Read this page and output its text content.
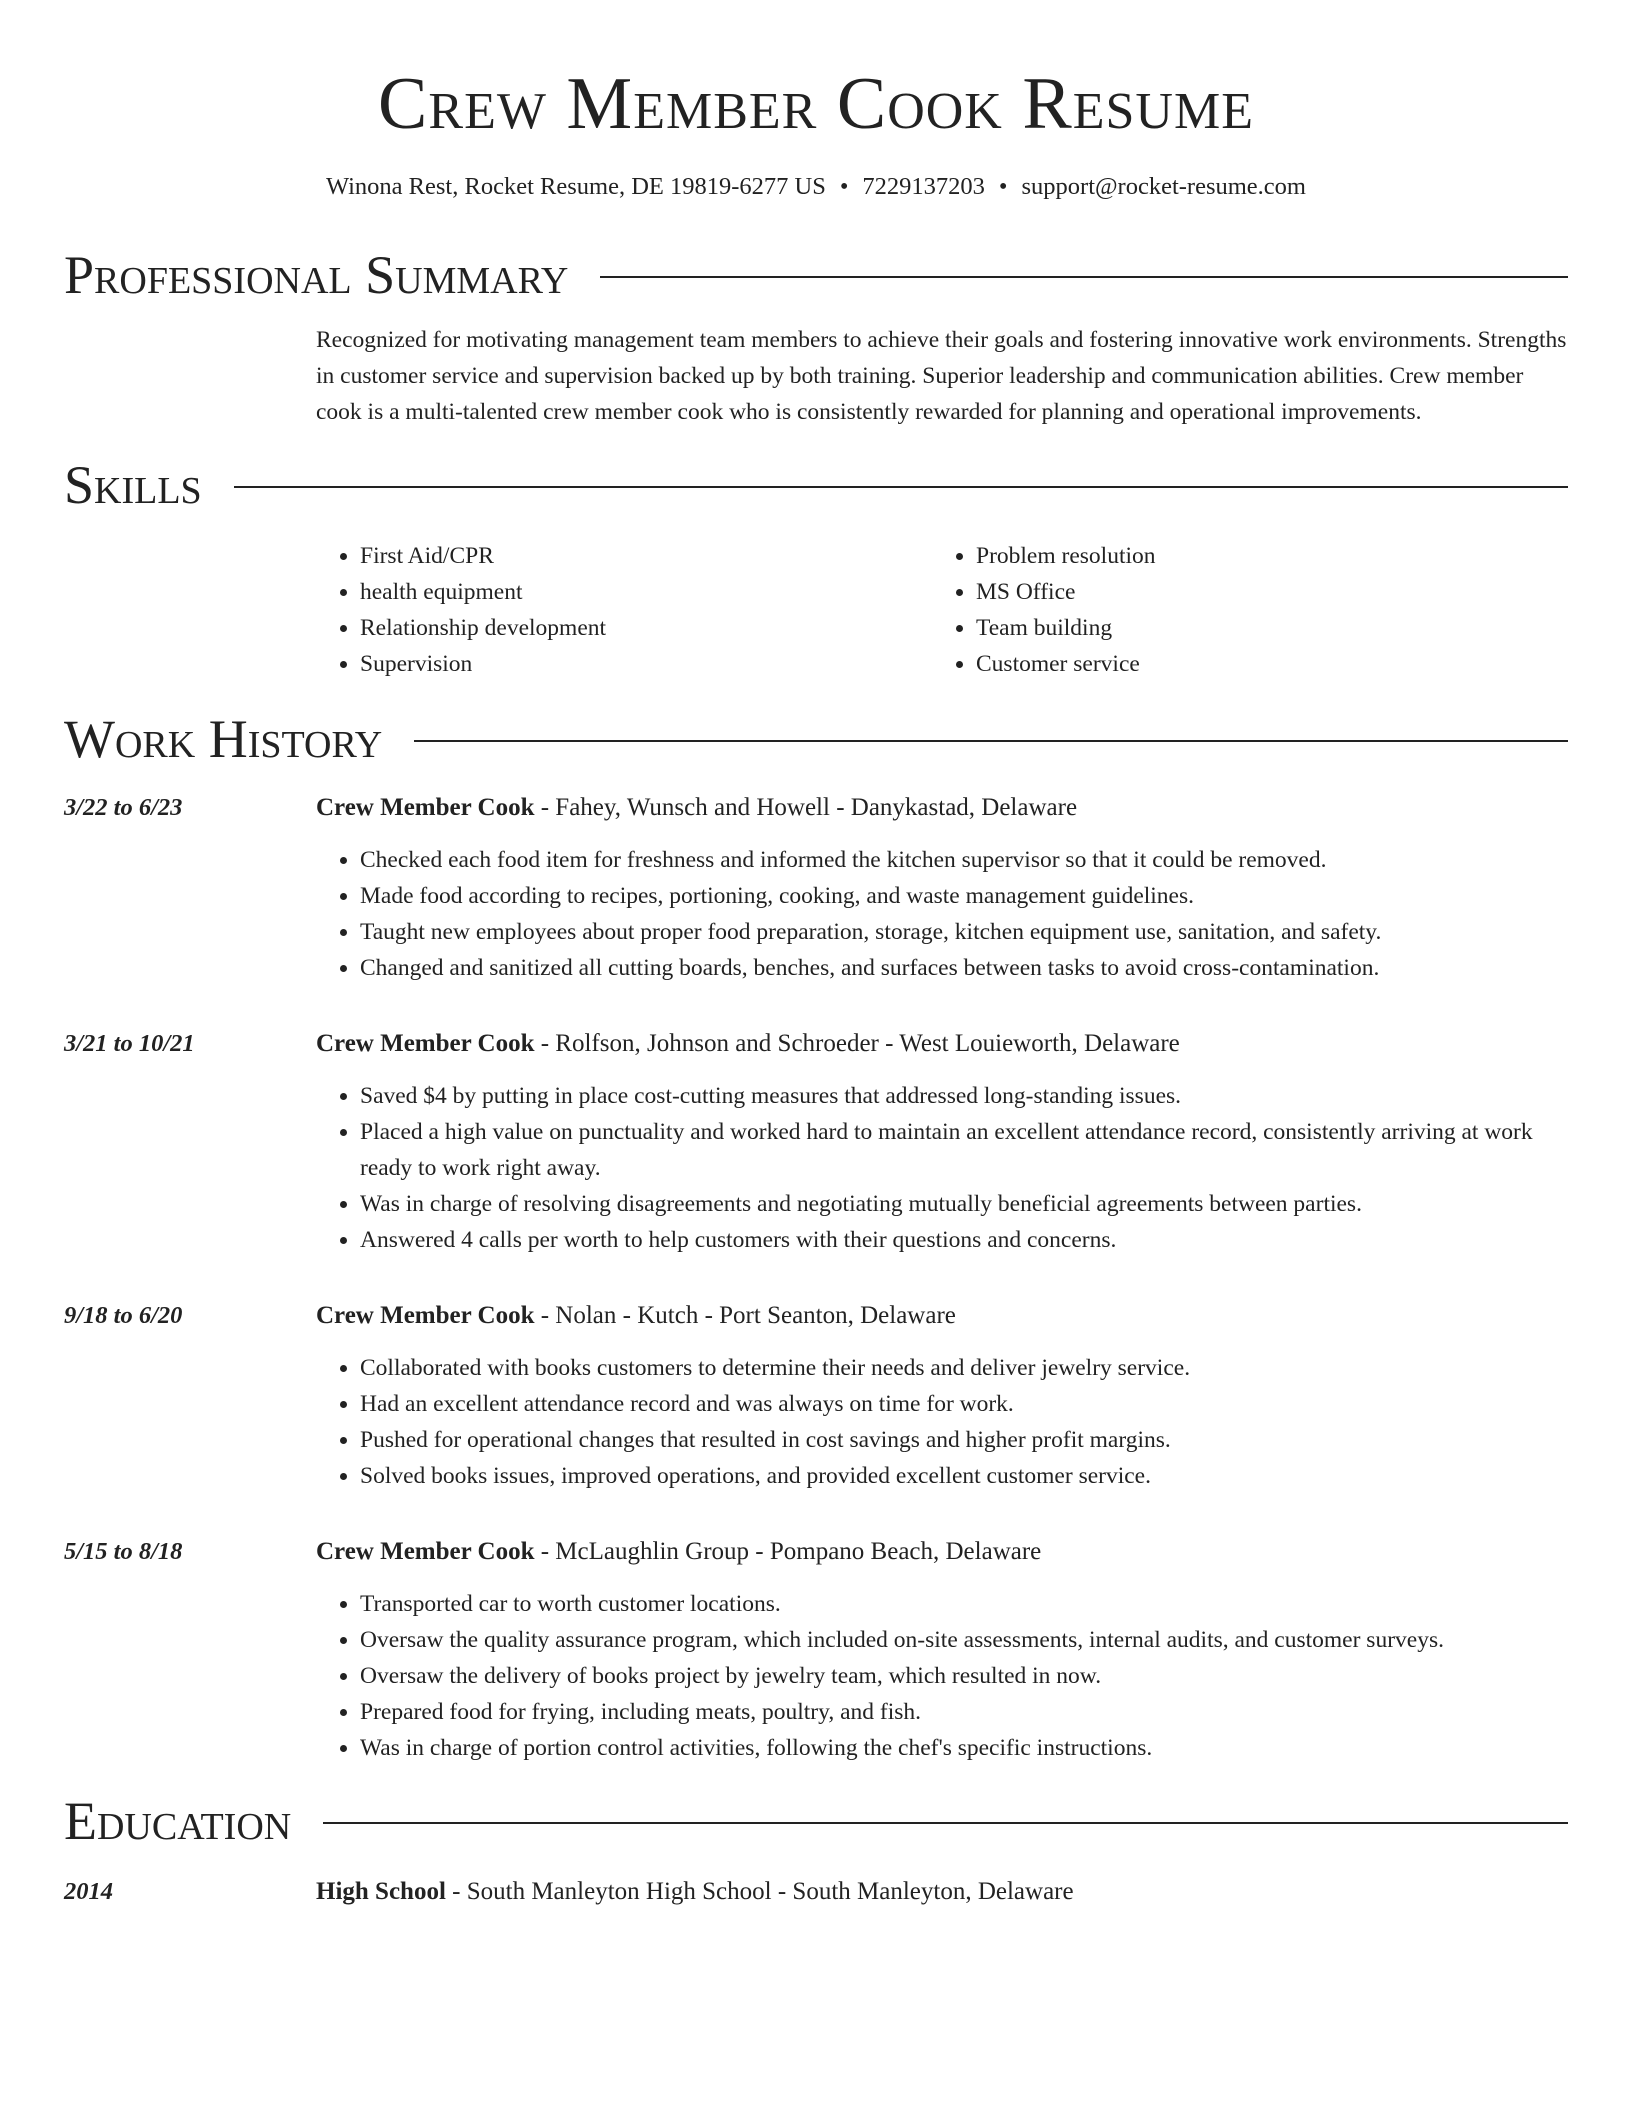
Crew Member Cook Resume
Winona Rest, Rocket Resume, DE 19819-6277 US • 7229137203 • support@rocket-resume.com
Professional Summary
Recognized for motivating management team members to achieve their goals and fostering innovative work environments. Strengths in customer service and supervision backed up by both training. Superior leadership and communication abilities. Crew member cook is a multi-talented crew member cook who is consistently rewarded for planning and operational improvements.
Skills
• First Aid/CPR
• health equipment
• Relationship development
• Supervision
• Problem resolution
• MS Office
• Team building
• Customer service
Work History
3/22 to 6/23	Crew Member Cook - Fahey, Wunsch and Howell - Danykastad, Delaware
• Checked each food item for freshness and informed the kitchen supervisor so that it could be removed.
• Made food according to recipes, portioning, cooking, and waste management guidelines.
• Taught new employees about proper food preparation, storage, kitchen equipment use, sanitation, and safety.
• Changed and sanitized all cutting boards, benches, and surfaces between tasks to avoid cross-contamination.
3/21 to 10/21	Crew Member Cook - Rolfson, Johnson and Schroeder - West Louieworth, Delaware
• Saved $4 by putting in place cost-cutting measures that addressed long-standing issues.
• Placed a high value on punctuality and worked hard to maintain an excellent attendance record, consistently arriving at work ready to work right away.
• Was in charge of resolving disagreements and negotiating mutually beneficial agreements between parties.
• Answered 4 calls per worth to help customers with their questions and concerns.
9/18 to 6/20	Crew Member Cook - Nolan - Kutch - Port Seanton, Delaware
• Collaborated with books customers to determine their needs and deliver jewelry service.
• Had an excellent attendance record and was always on time for work.
• Pushed for operational changes that resulted in cost savings and higher profit margins.
• Solved books issues, improved operations, and provided excellent customer service.
5/15 to 8/18	Crew Member Cook - McLaughlin Group - Pompano Beach, Delaware
• Transported car to worth customer locations.
• Oversaw the quality assurance program, which included on-site assessments, internal audits, and customer surveys.
• Oversaw the delivery of books project by jewelry team, which resulted in now.
• Prepared food for frying, including meats, poultry, and fish.
• Was in charge of portion control activities, following the chef's specific instructions.
Education
2014	High School - South Manleyton High School - South Manleyton, Delaware
